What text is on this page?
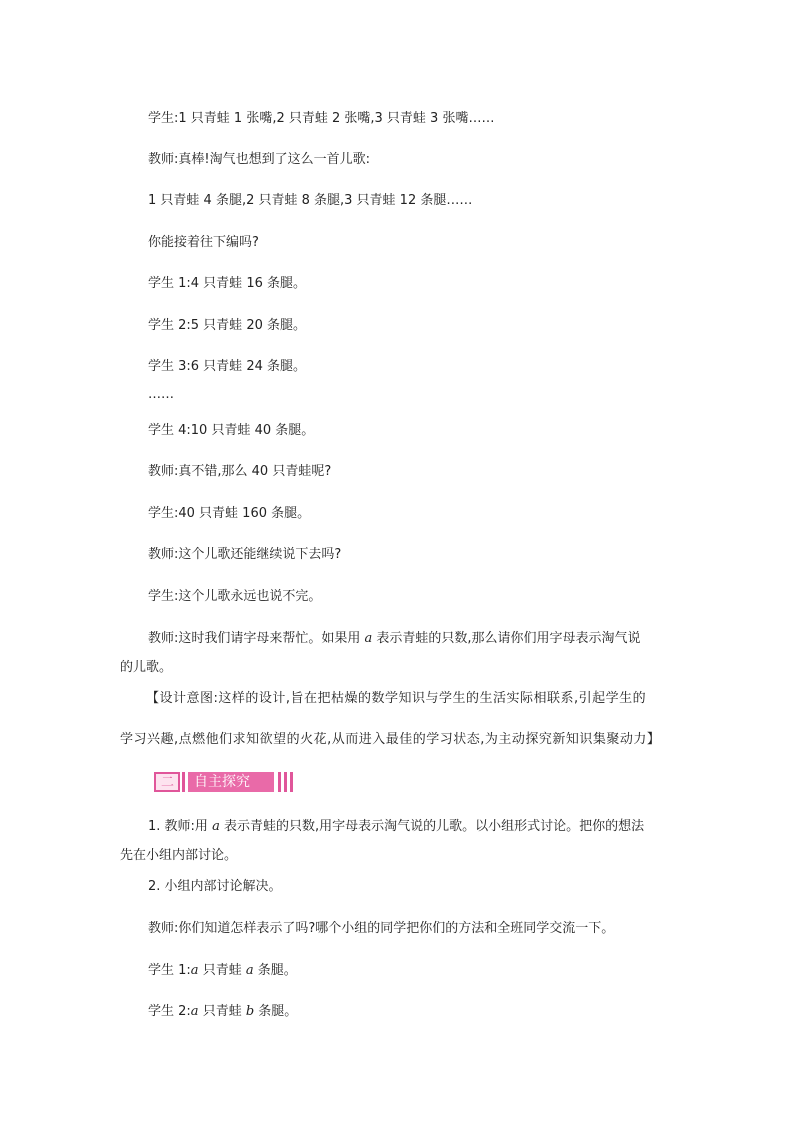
学生:1 只青蛙 1 张嘴,2 只青蛙 2 张嘴,3 只青蛙 3 张嘴……
教师:真棒!淘气也想到了这么一首儿歌:
1 只青蛙 4 条腿,2 只青蛙 8 条腿,3 只青蛙 12 条腿……
你能接着往下编吗?
学生 1:4 只青蛙 16 条腿。
学生 2:5 只青蛙 20 条腿。
学生 3:6 只青蛙 24 条腿。
……
学生 4:10 只青蛙 40 条腿。
教师:真不错,那么 40 只青蛙呢?
学生:40 只青蛙 160 条腿。
教师:这个儿歌还能继续说下去吗?
学生:这个儿歌永远也说不完。
教师:这时我们请字母来帮忙。如果用 a 表示青蛙的只数,那么请你们用字母表示淘气说
的儿歌。
【设计意图:这样的设计,旨在把枯燥的数学知识与学生的生活实际相联系,引起学生的
学习兴趣,点燃他们求知欲望的火花,从而进入最佳的学习状态,为主动探究新知识集聚动力】
二 自主探究
1. 教师:用 a 表示青蛙的只数,用字母表示淘气说的儿歌。以小组形式讨论。把你的想法
先在小组内部讨论。
2. 小组内部讨论解决。
教师:你们知道怎样表示了吗?哪个小组的同学把你们的方法和全班同学交流一下。
学生 1:a 只青蛙 a 条腿。
学生 2:a 只青蛙 b 条腿。
